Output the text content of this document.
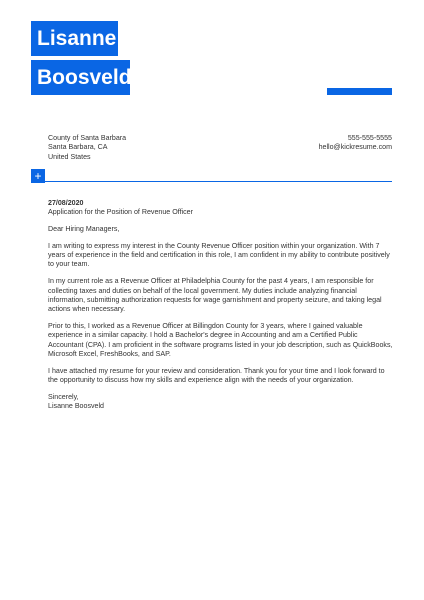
Lisanne
Boosveld
County of Santa Barbara
Santa Barbara, CA
United States
555-555-5555
hello@kickresume.com
+

27/08/2020
Application for the Position of Revenue Officer

Dear Hiring Managers,

I am writing to express my interest in the County Revenue Officer position within your organization. With 7 years of experience in the field and certification in this role, I am confident in my ability to contribute positively to your team.

In my current role as a Revenue Officer at Philadelphia County for the past 4 years, I am responsible for collecting taxes and duties on behalf of the local government. My duties include analyzing financial information, submitting authorization requests for wage garnishment and property seizure, and taking legal actions when necessary.

Prior to this, I worked as a Revenue Officer at Billingdon County for 3 years, where I gained valuable experience in a similar capacity. I hold a Bachelor's degree in Accounting and am a Certified Public Accountant (CPA). I am proficient in the software programs listed in your job description, such as QuickBooks, Microsoft Excel, FreshBooks, and SAP.

I have attached my resume for your review and consideration. Thank you for your time and I look forward to the opportunity to discuss how my skills and experience align with the needs of your organization.

Sincerely,
Lisanne Boosveld
